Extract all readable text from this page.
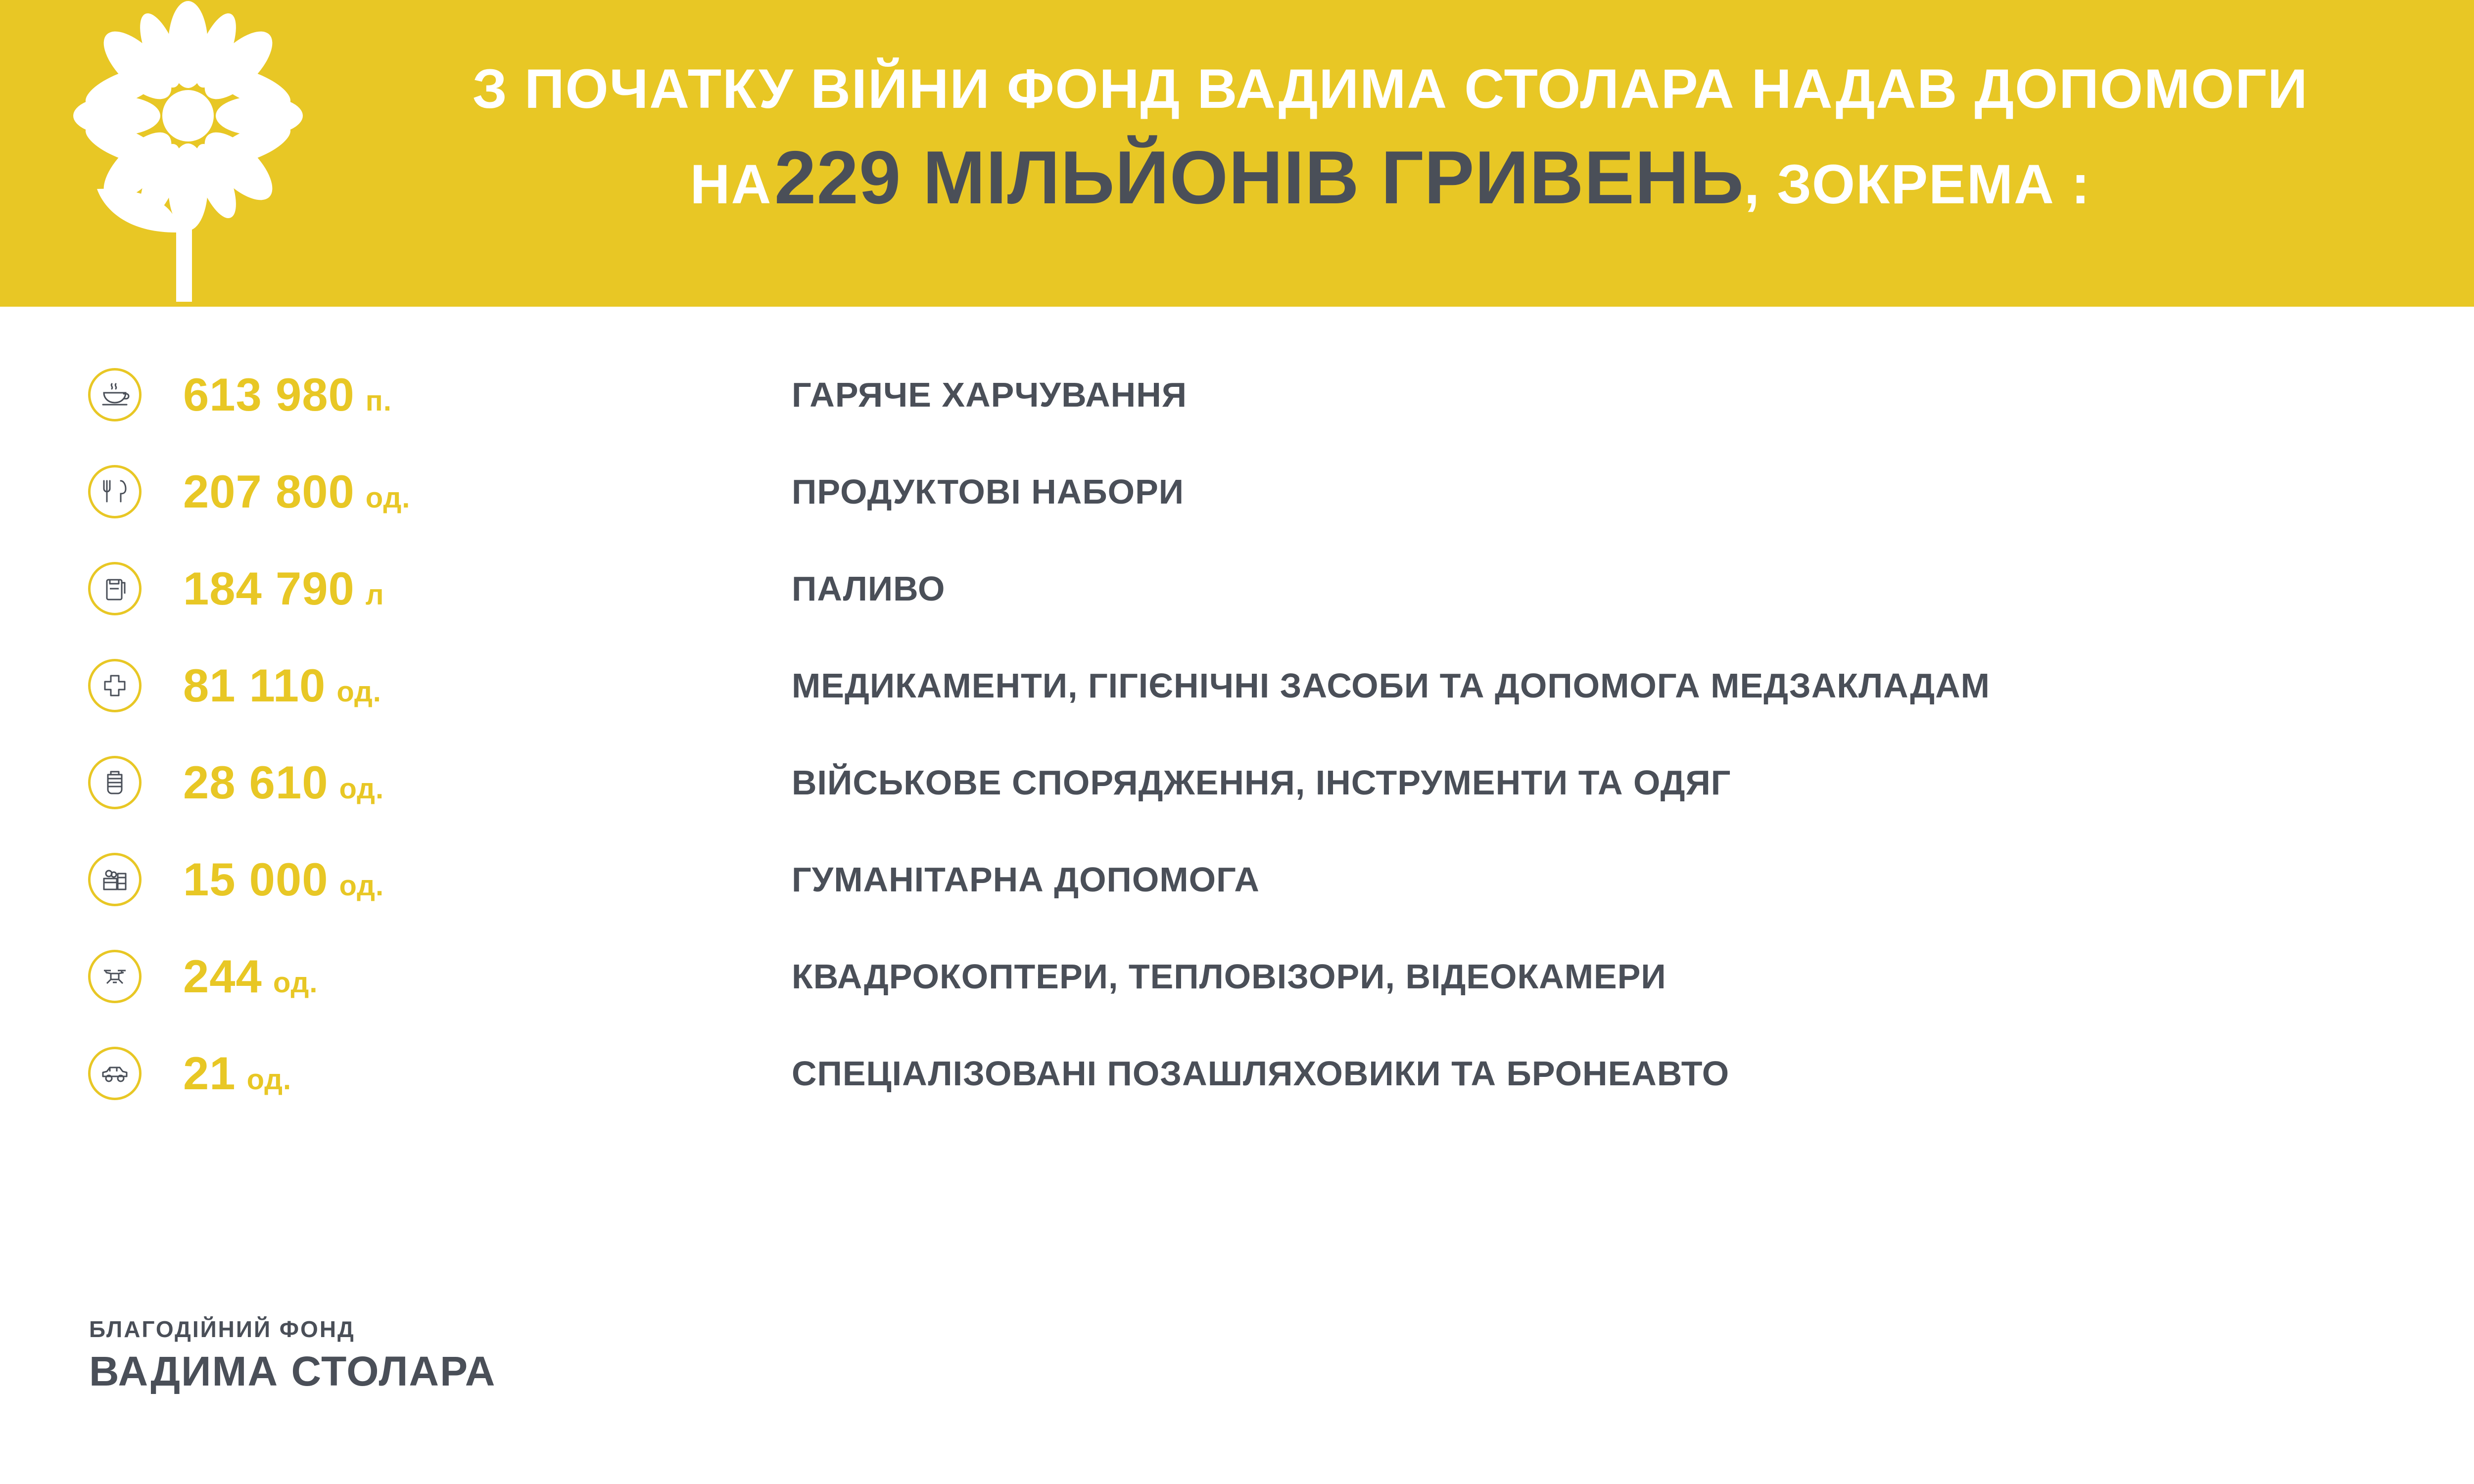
З ПОЧАТКУ ВІЙНИ ФОНД ВАДИМА СТОЛАРА НАДАВ ДОПОМОГИ
НА 229 МІЛЬЙОНІВ ГРИВЕНЬ, ЗОКРЕМА :
613 980 п.	ГАРЯЧЕ ХАРЧУВАННЯ
207 800 од.	ПРОДУКТОВІ НАБОРИ
184 790 л	ПАЛИВО
81 110 од.	МЕДИКАМЕНТИ, ГІГІЄНІЧНІ ЗАСОБИ ТА ДОПОМОГА МЕДЗАКЛАДАМ
28 610 од.	ВІЙСЬКОВЕ СПОРЯДЖЕННЯ, ІНСТРУМЕНТИ ТА ОДЯГ
15 000 од.	ГУМАНІТАРНА ДОПОМОГА
244 од.	КВАДРОКОПТЕРИ, ТЕПЛОВІЗОРИ, ВІДЕОКАМЕРИ
21 од.	СПЕЦІАЛІЗОВАНІ ПОЗАШЛЯХОВИКИ ТА БРОНЕАВТО
БЛАГОДІЙНИЙ ФОНД
ВАДИМА СТОЛАРА
